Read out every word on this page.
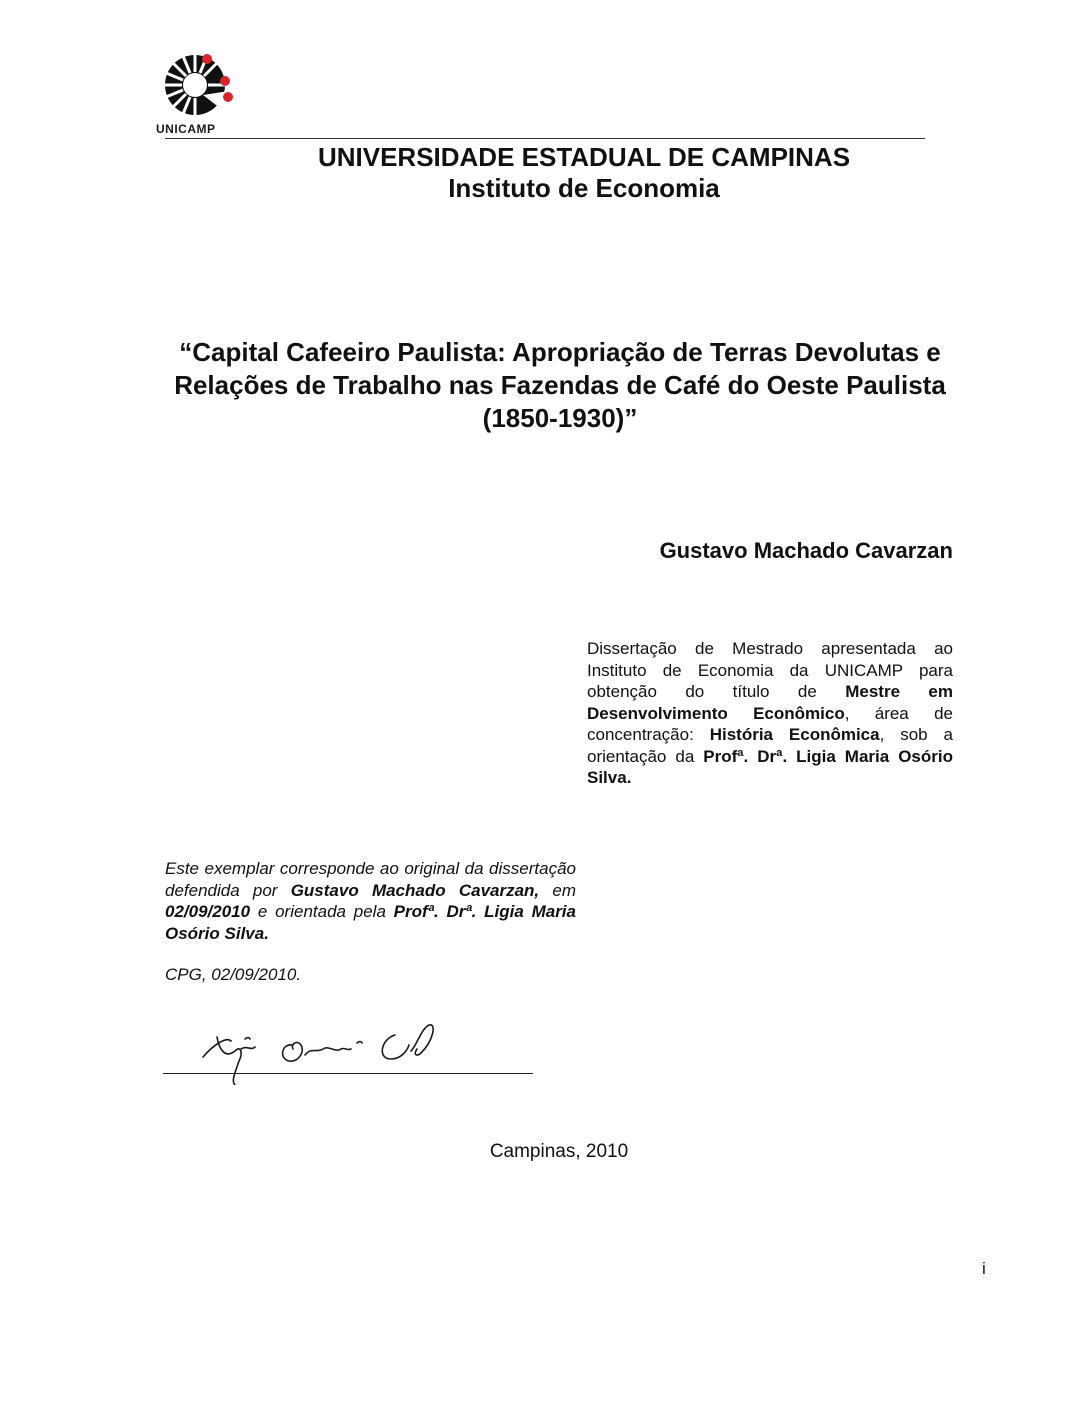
UNICAMP
UNIVERSIDADE ESTADUAL DE CAMPINAS
Instituto de Economia
“Capital Cafeeiro Paulista: Apropriação de Terras Devolutas e
Relações de Trabalho nas Fazendas de Café do Oeste Paulista
(1850-1930)”
Gustavo Machado Cavarzan
Dissertação de Mestrado apresentada ao Instituto de Economia da UNICAMP para obtenção do título de Mestre em Desenvolvimento Econômico, área de concentração: História Econômica, sob a orientação da Profª. Drª. Ligia Maria Osório Silva.
Este exemplar corresponde ao original da dissertação defendida por Gustavo Machado Cavarzan, em 02/09/2010 e orientada pela Profª. Drª. Ligia Maria Osório Silva.
CPG, 02/09/2010.
Campinas, 2010
i
